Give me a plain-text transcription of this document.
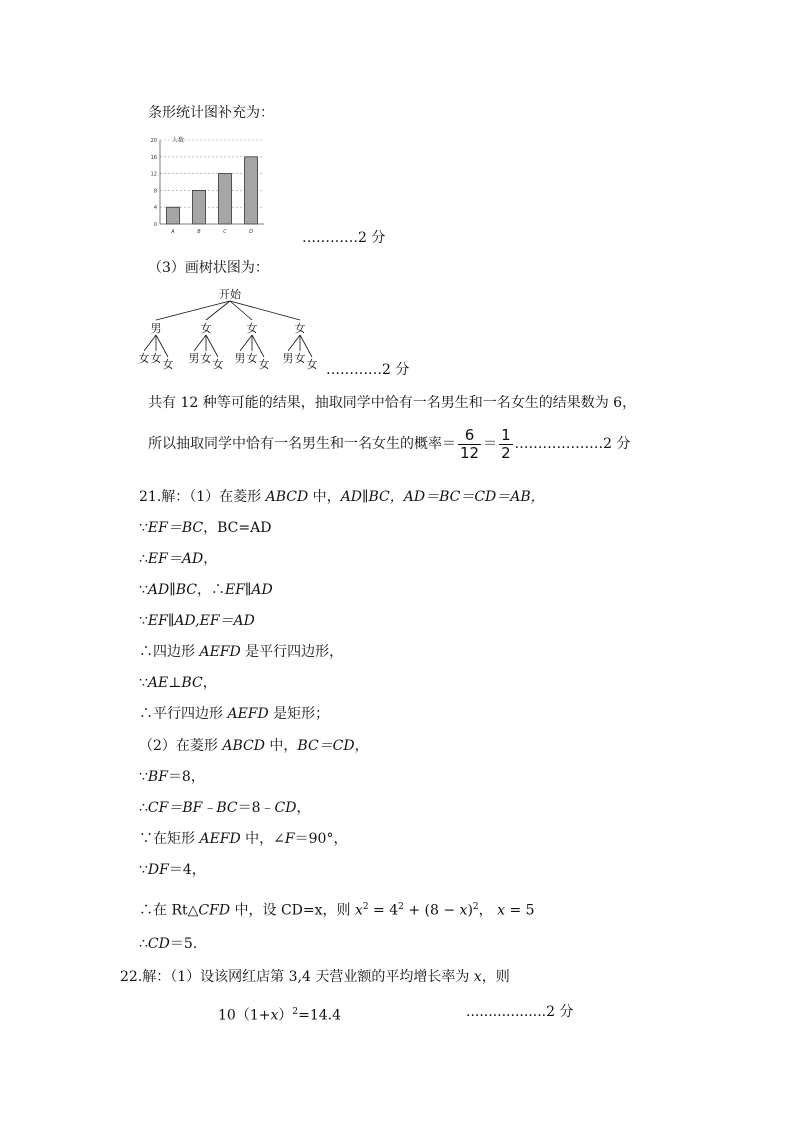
条形统计图补充为：
0
4
8
12
16
20
A	B	C	D
人数
…………2 分
（3）画树状图为：
开始
男
女 女 女
女
男 女 女
女
男 女 女
女
男 女 女 …………2 分
共有 12 种等可能的结果，抽取同学中恰有一名男生和一名女生的结果数为 6，
所以抽取同学中恰有一名男生和一名女生的概率＝ $\frac{6}{12} = \frac{1}{2}$ .………………2 分
21.解：（1）在菱形 ABCD 中，AD∥BC，AD＝BC＝CD＝AB，
∵EF＝BC，BC=AD
∴EF＝AD，
∵AD∥BC，∴EF∥AD
∵EF∥AD,EF＝AD
∴四边形 AEFD 是平行四边形，
∵AE⊥BC，
∴平行四边形 AEFD 是矩形；
（2）在菱形 ABCD 中，BC＝CD，
∵BF＝8，
∴CF＝BF﹣BC＝8﹣CD，
∵在矩形 AEFD 中，∠F＝90°，
∵DF＝4，
∴在 Rt△CFD 中，设 CD=x，则 $x^2 = 4^2 + (8 - x)^2$， x = 5
∴CD＝5.
22.解：（1）设该网红店第 3,4 天营业额的平均增长率为 x，则
$10(1+x)^2=14.4$	..................2 分
